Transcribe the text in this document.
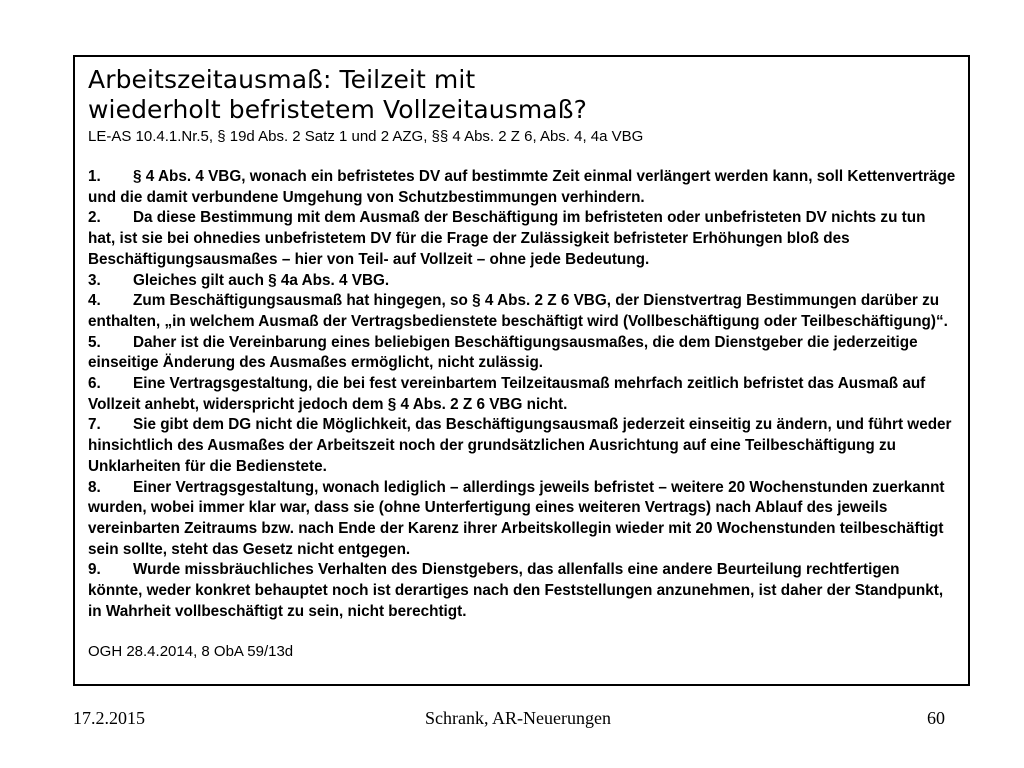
Arbeitszeitausmaß: Teilzeit mit
wiederholt befristetem Vollzeitausmaß?

LE-AS 10.4.1.Nr.5, § 19d Abs. 2 Satz 1 und 2 AZG, §§ 4 Abs. 2 Z 6, Abs. 4, 4a VBG

1. § 4 Abs. 4 VBG, wonach ein befristetes DV auf bestimmte Zeit einmal verlängert werden kann, soll Kettenverträge und die damit verbundene Umgehung von Schutzbestimmungen verhindern.

2. Da diese Bestimmung mit dem Ausmaß der Beschäftigung im befristeten oder unbefristeten DV nichts zu tun hat, ist sie bei ohnedies unbefristetem DV für die Frage der Zulässigkeit befristeter Erhöhungen bloß des Beschäftigungsausmaßes – hier von Teil- auf Vollzeit – ohne jede Bedeutung.

3. Gleiches gilt auch § 4a Abs. 4 VBG.

4. Zum Beschäftigungsausmaß hat hingegen, so § 4 Abs. 2 Z 6 VBG, der Dienstvertrag Bestimmungen darüber zu enthalten, „in welchem Ausmaß der Vertragsbedienstete beschäftigt wird (Vollbeschäftigung oder Teilbeschäftigung)“.

5. Daher ist die Vereinbarung eines beliebigen Beschäftigungsausmaßes, die dem Dienstgeber die jederzeitige einseitige Änderung des Ausmaßes ermöglicht, nicht zulässig.

6. Eine Vertragsgestaltung, die bei fest vereinbartem Teilzeitausmaß mehrfach zeitlich befristet das Ausmaß auf Vollzeit anhebt, widerspricht jedoch dem § 4 Abs. 2 Z 6 VBG nicht.

7. Sie gibt dem DG nicht die Möglichkeit, das Beschäftigungsausmaß jederzeit einseitig zu ändern, und führt weder hinsichtlich des Ausmaßes der Arbeitszeit noch der grundsätzlichen Ausrichtung auf eine Teilbeschäftigung zu Unklarheiten für die Bedienstete.

8. Einer Vertragsgestaltung, wonach lediglich – allerdings jeweils befristet – weitere 20 Wochenstunden zuerkannt wurden, wobei immer klar war, dass sie (ohne Unterfertigung eines weiteren Vertrags) nach Ablauf des jeweils vereinbarten Zeitraums bzw. nach Ende der Karenz ihrer Arbeitskollegin wieder mit 20 Wochenstunden teilbeschäftigt sein sollte, steht das Gesetz nicht entgegen.

9. Wurde missbräuchliches Verhalten des Dienstgebers, das allenfalls eine andere Beurteilung rechtfertigen könnte, weder konkret behauptet noch ist derartiges nach den Feststellungen anzunehmen, ist daher der Standpunkt, in Wahrheit vollbeschäftigt zu sein, nicht berechtigt.

OGH 28.4.2014, 8 ObA 59/13d

17.2.2015	Schrank, AR-Neuerungen	60
